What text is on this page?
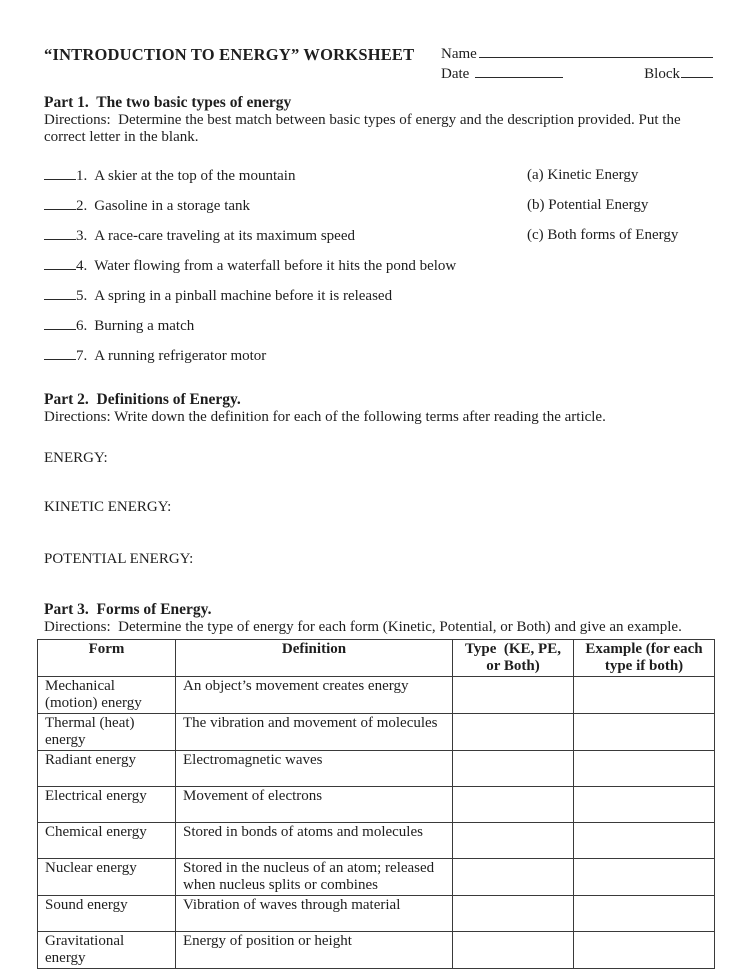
“INTRODUCTION TO ENERGY” WORKSHEET	Name
Date	Block
Part 1.  The two basic types of energy
Directions:  Determine the best match between basic types of energy and the description provided. Put the correct letter in the blank.
1. A skier at the top of the mountain	(a) Kinetic Energy
2. Gasoline in a storage tank	(b) Potential Energy
3. A race-care traveling at its maximum speed	(c) Both forms of Energy
4. Water flowing from a waterfall before it hits the pond below
5. A spring in a pinball machine before it is released
6. Burning a match
7. A running refrigerator motor
Part 2.  Definitions of Energy.
Directions: Write down the definition for each of the following terms after reading the article.
ENERGY:
KINETIC ENERGY:
POTENTIAL ENERGY:
Part 3.  Forms of Energy.
Directions:  Determine the type of energy for each form (Kinetic, Potential, or Both) and give an example.
Form	Definition	Type  (KE, PE, or Both)	Example (for each type if both)
Mechanical (motion) energy	An object’s movement creates energy		
Thermal (heat) energy	The vibration and movement of molecules		
Radiant energy	Electromagnetic waves		
Electrical energy	Movement of electrons		
Chemical energy	Stored in bonds of atoms and molecules		
Nuclear energy	Stored in the nucleus of an atom; released when nucleus splits or combines		
Sound energy	Vibration of waves through material		
Gravitational energy	Energy of position or height		
